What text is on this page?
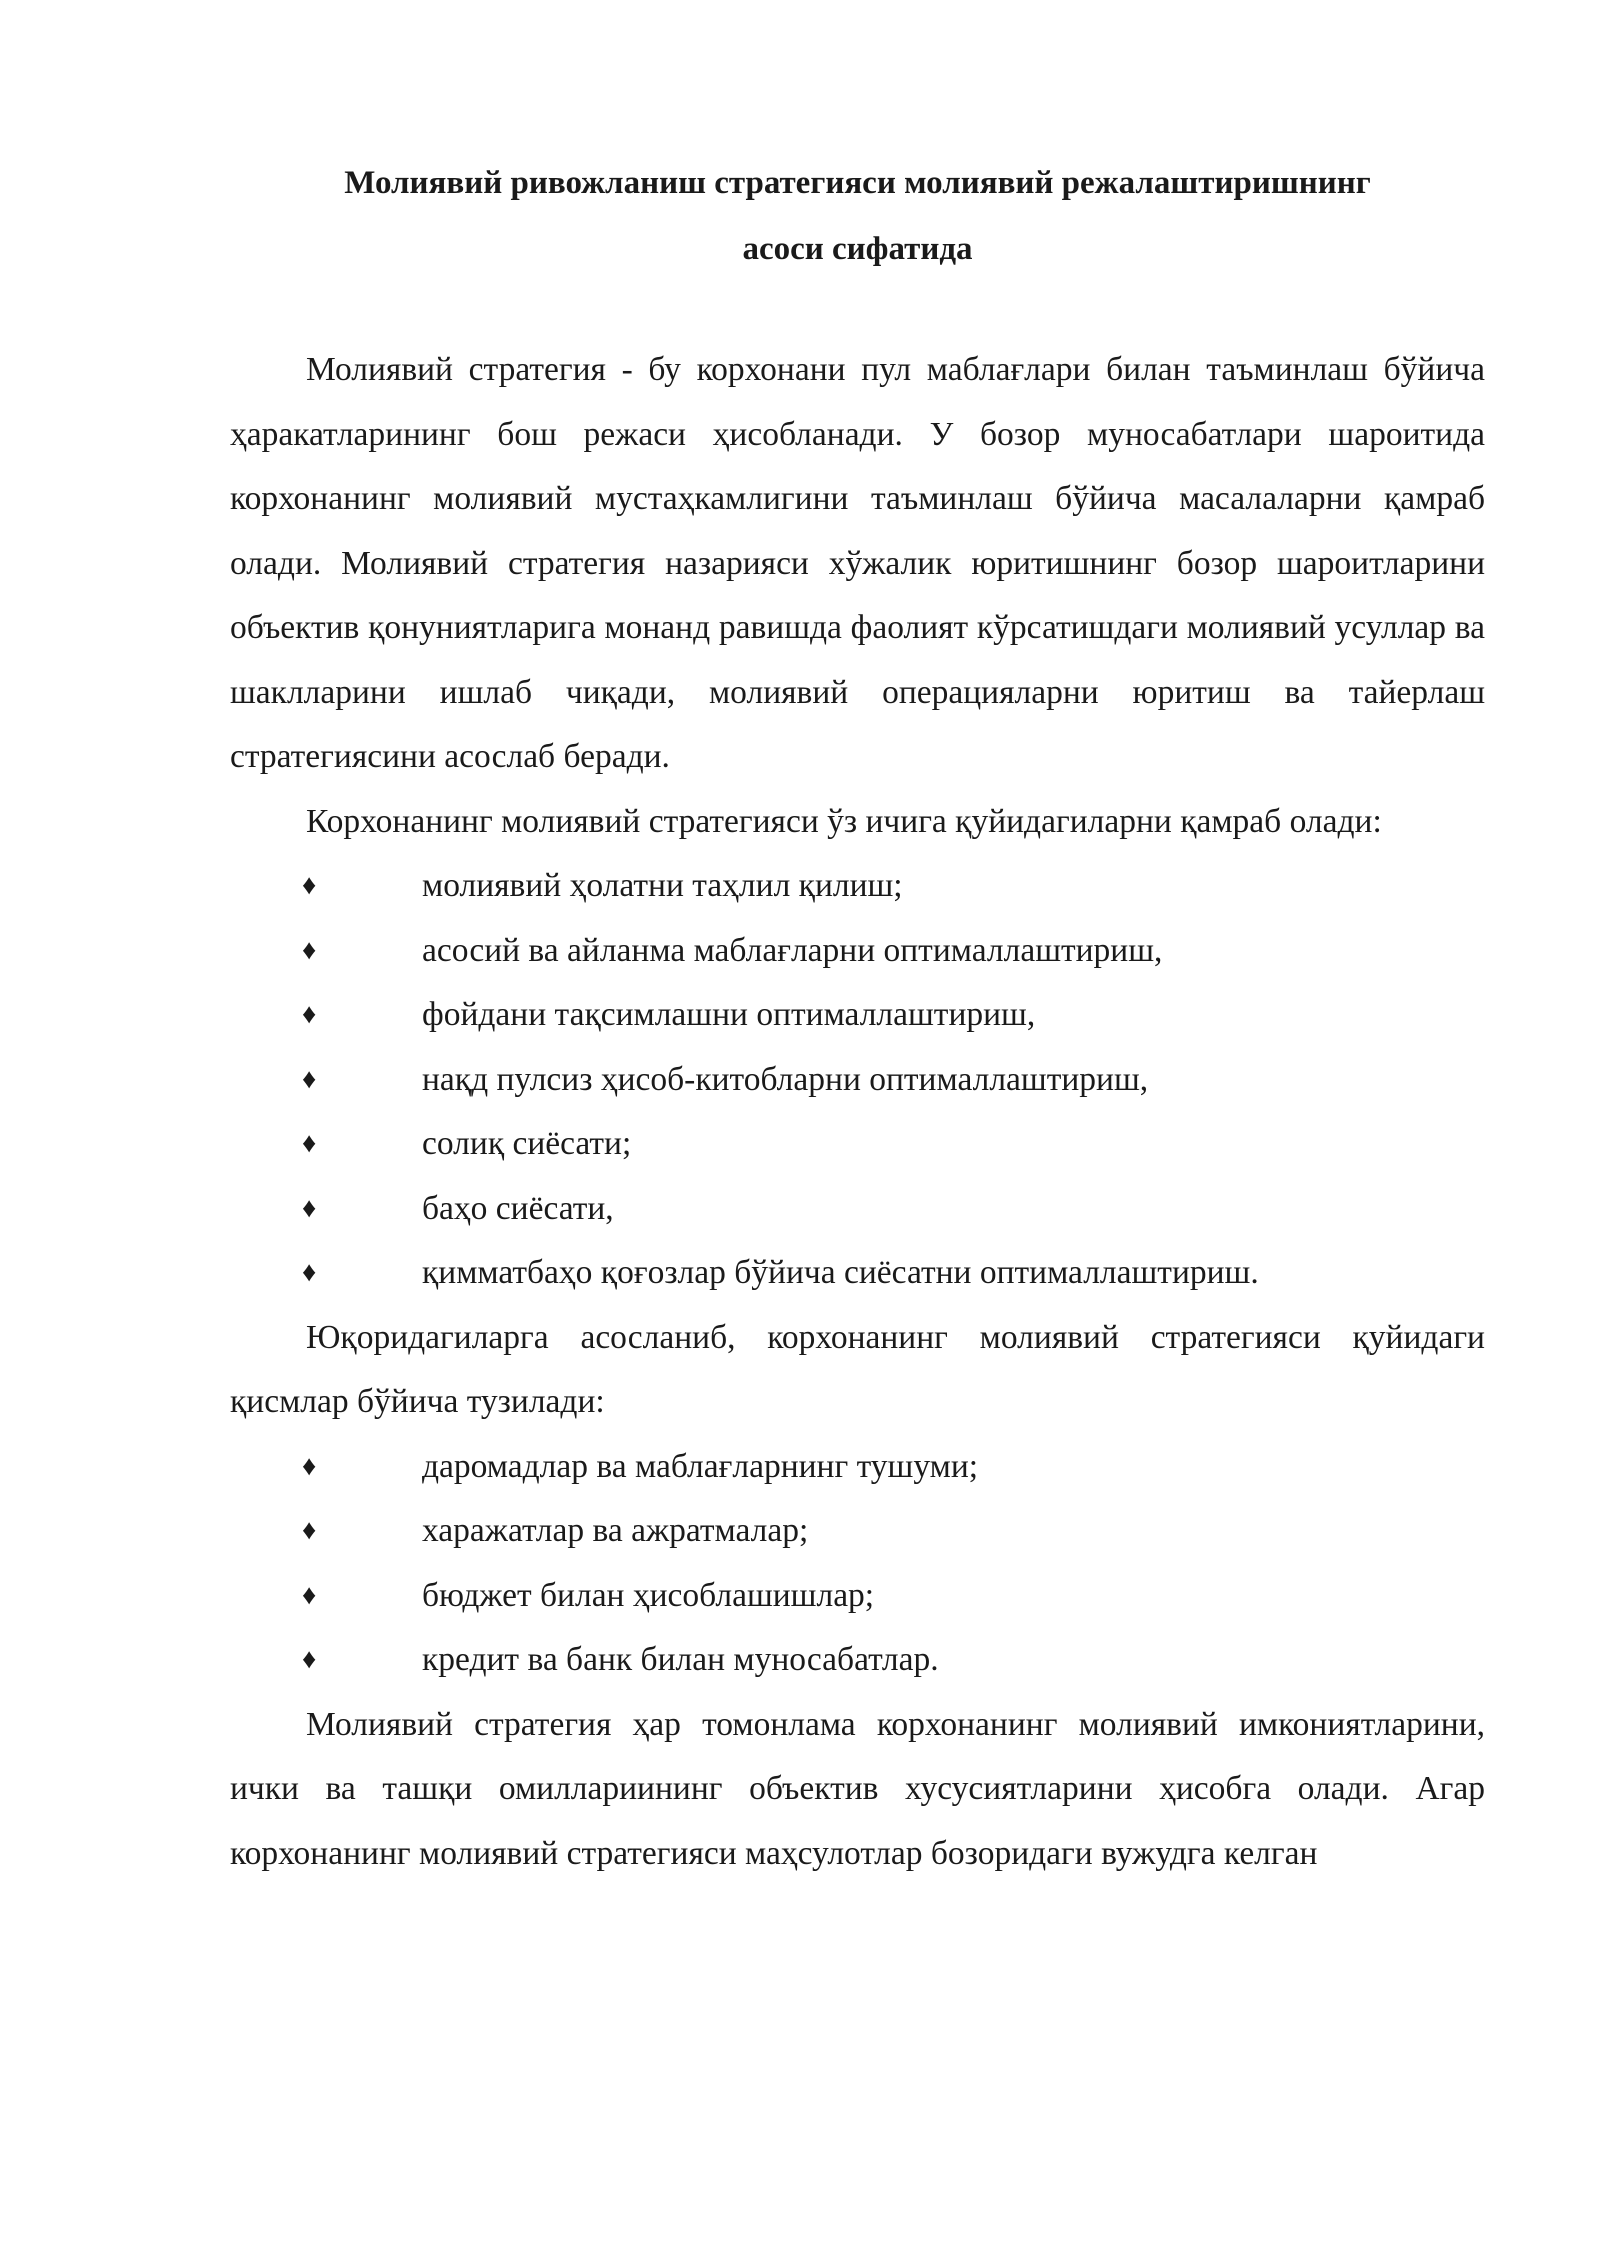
Молиявий ривожланиш стратегияси молиявий режалаштиришнинг
асоси сифатида

Молиявий стратегия - бу корхонани пул маблағлари билан таъминлаш бўйича ҳаракатларининг бош режаси ҳисобланади. У бозор муносабатлари шароитида корхонанинг молиявий мустаҳкамлигини таъминлаш бўйича масалаларни қамраб олади. Молиявий стратегия назарияси хўжалик юритишнинг бозор шароитларини объектив қонуниятларига монанд равишда фаолият кўрсатишдаги молиявий усуллар ва шаклларини ишлаб чиқади, молиявий операцияларни юритиш ва тайерлаш стратегиясини асослаб беради.

Корхонанинг молиявий стратегияси ўз ичига қуйидагиларни қамраб олади:

♦	молиявий ҳолатни таҳлил қилиш;
♦	асосий ва айланма маблағларни оптималлаштириш,
♦	фойдани тақсимлашни оптималлаштириш,
♦	нақд пулсиз ҳисоб-китобларни оптималлаштириш,
♦	солиқ сиёсати;
♦	баҳо сиёсати,
♦	қимматбаҳо қоғозлар бўйича сиёсатни оптималлаштириш.

Юқоридагиларга асосланиб, корхонанинг молиявий стратегияси қуйидаги қисмлар бўйича тузилади:

♦	даромадлар ва маблағларнинг тушуми;
♦	харажатлар ва ажратмалар;
♦	бюджет билан ҳисоблашишлар;
♦	кредит ва банк билан муносабатлар.

Молиявий стратегия ҳар томонлама корхонанинг молиявий имкониятларини, ички ва ташқи омиллариининг объектив хусусиятларини ҳисобга олади. Агар корхонанинг молиявий стратегияси маҳсулотлар бозоридаги вужудга келган
